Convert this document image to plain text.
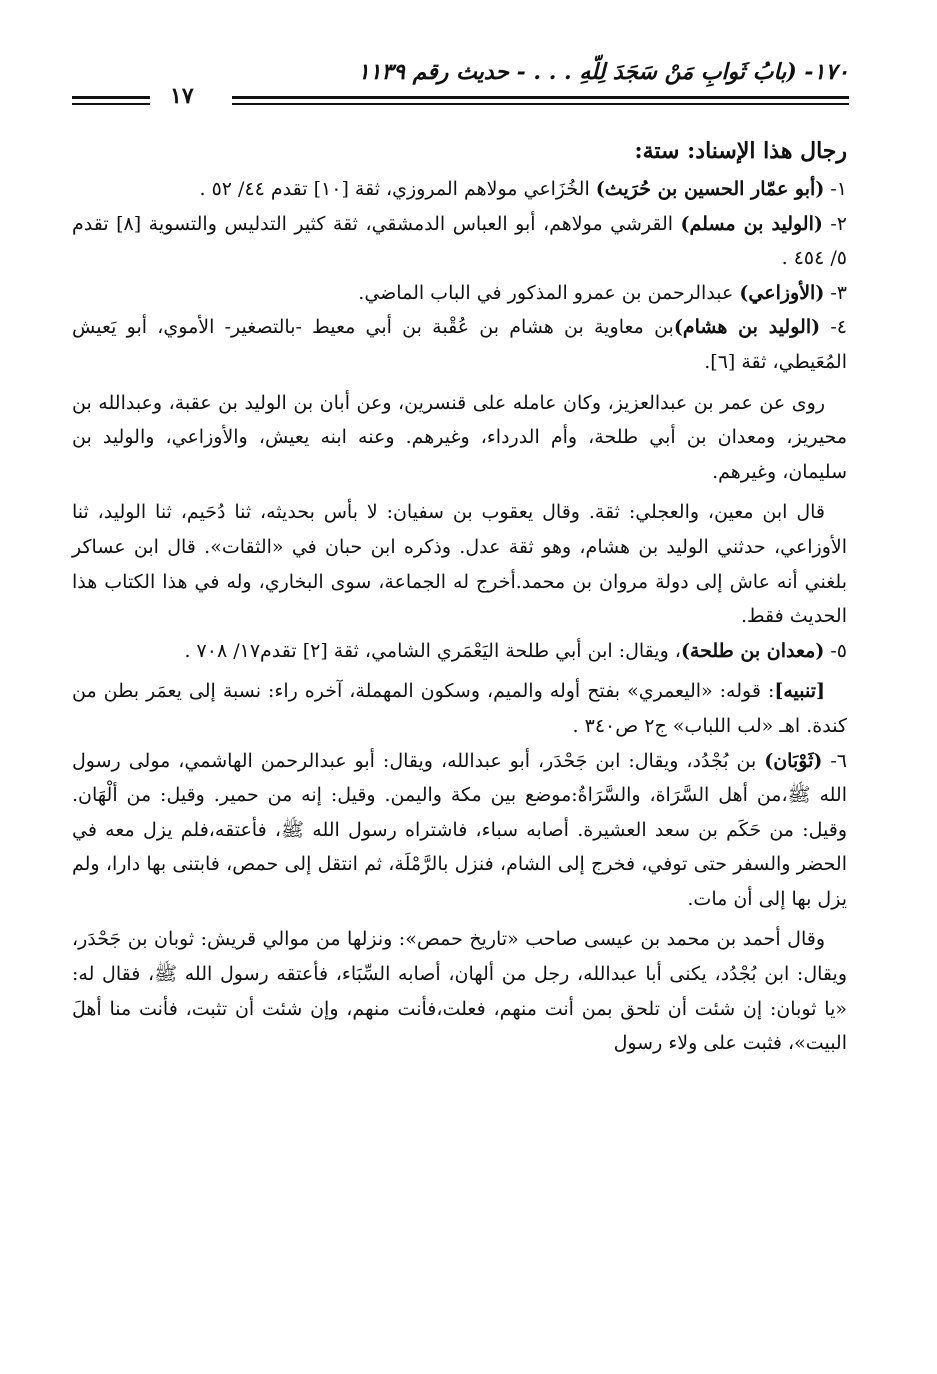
١٧
١٧٠- (بابُ ثَوابِ مَنْ سَجَدَ لِلّهِ . . . - حديث رقم ١١٣٩

رجال هذا الإسناد: ستة:

١- (أبو عمّار الحسين بن حُرَيث) الخُزَاعي مولاهم المروزي، ثقة [١٠] تقدم ٤٤/ ٥٢ .

٢- (الوليد بن مسلم) القرشي مولاهم، أبو العباس الدمشقي، ثقة كثير التدليس والتسوية [٨] تقدم ٥/ ٤٥٤ .

٣- (الأوزاعي) عبدالرحمن بن عمرو المذكور في الباب الماضي.

٤- (الوليد بن هشام)بن معاوية بن هشام بن عُقْبة بن أبي معيط -بالتصغير- الأموي، أبو يَعيش المُعَيطي، ثقة [٦].

روى عن عمر بن عبدالعزيز، وكان عامله على قنسرين، وعن أبان بن الوليد بن عقبة، وعبدالله بن محيريز، ومعدان بن أبي طلحة، وأم الدرداء، وغيرهم. وعنه ابنه يعيش، والأوزاعي، والوليد بن سليمان، وغيرهم.

قال ابن معين، والعجلي: ثقة. وقال يعقوب بن سفيان: لا بأس بحديثه، ثنا دُحَيم، ثنا الوليد، ثنا الأوزاعي، حدثني الوليد بن هشام، وهو ثقة عدل. وذكره ابن حبان في «الثقات». قال ابن عساكر بلغني أنه عاش إلى دولة مروان بن محمد.أخرج له الجماعة، سوى البخاري، وله في هذا الكتاب هذا الحديث فقط.

٥- (معدان بن طلحة)، ويقال: ابن أبي طلحة اليَعْمَري الشامي، ثقة [٢] تقدم١٧/ ٧٠٨ .

[تنبيه]: قوله: «اليعمري» بفتح أوله والميم، وسكون المهملة، آخره راء: نسبة إلى يعمَر بطن من كندة. اهـ «لب اللباب» ج٢ ص٣٤٠ .

٦- (ثَوْبَان) بن بُجْدُد، ويقال: ابن جَحْدَر، أبو عبدالله، ويقال: أبو عبدالرحمن الهاشمي، مولى رسول الله ﷺ،من أهل السَّرَاة، والسَّرَاةُ:موضع بين مكة واليمن. وقيل: إنه من حمير. وقيل: من ألْهَان. وقيل: من حَكَم بن سعد العشيرة. أصابه سباء، فاشتراه رسول الله ﷺ، فأعتقه،فلم يزل معه في الحضر والسفر حتى توفي، فخرج إلى الشام، فنزل بالرَّمْلَة، ثم انتقل إلى حمص، فابتنى بها دارا، ولم يزل بها إلى أن مات.

وقال أحمد بن محمد بن عيسى صاحب «تاريخ حمص»: ونزلها من موالي قريش: ثوبان بن جَحْدَر، ويقال: ابن بُجْدُد، يكنى أبا عبدالله، رجل من ألهان، أصابه السِّبَاء، فأعتقه رسول الله ﷺ، فقال له: «يا ثوبان: إن شئت أن تلحق بمن أنت منهم، فعلت،فأنت منهم، وإن شئت أن تثبت، فأنت منا أهلَ البيت»، فثبت على ولاء رسول
